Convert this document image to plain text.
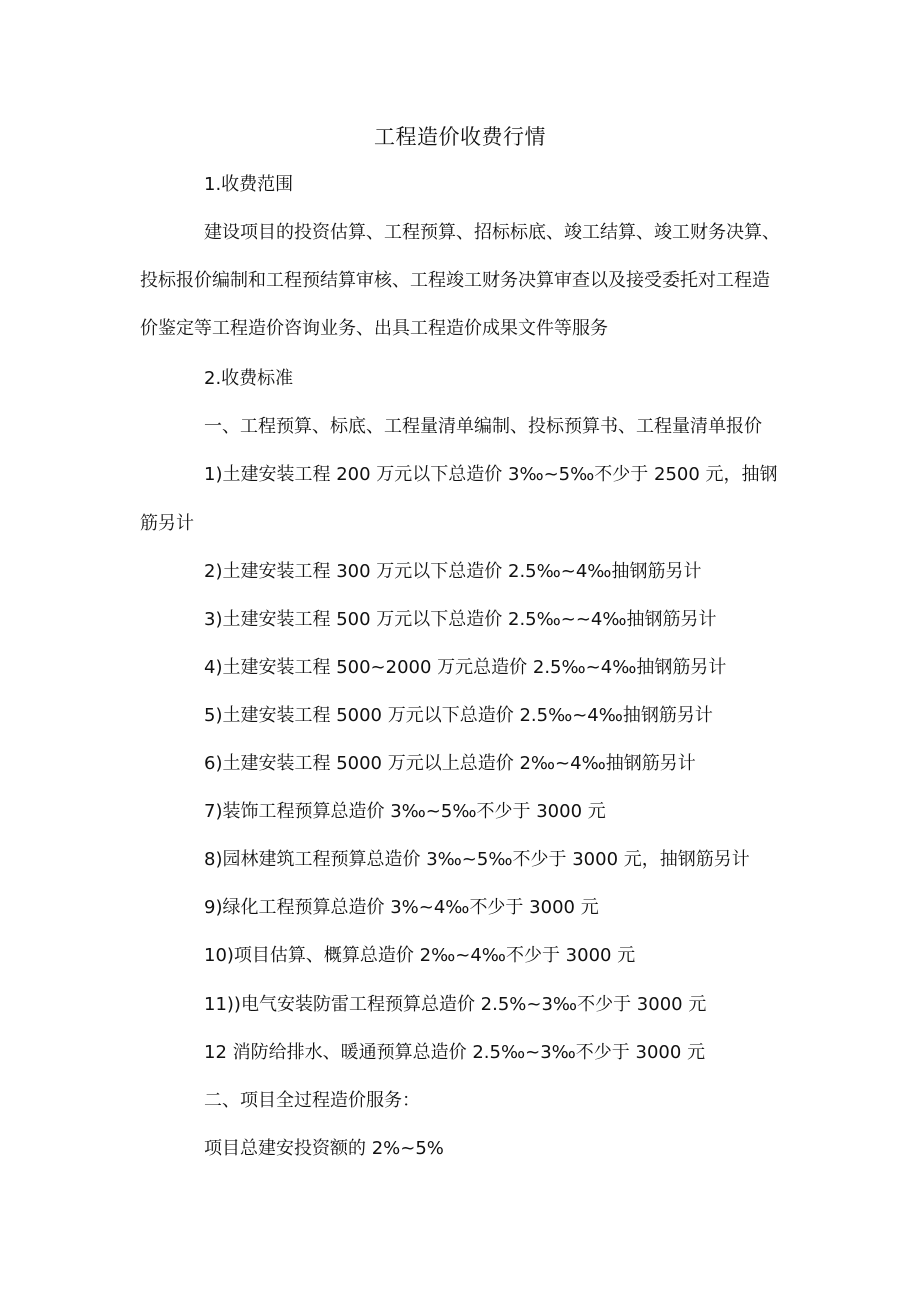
工程造价收费行情
1.收费范围
建设项目的投资估算、工程预算、招标标底、竣工结算、竣工财务决算、
投标报价编制和工程预结算审核、工程竣工财务决算审查以及接受委托对工程造
价鉴定等工程造价咨询业务、出具工程造价成果文件等服务
2.收费标准
一、工程预算、标底、工程量清单编制、投标预算书、工程量清单报价
1)土建安装工程 200 万元以下总造价 3‰~5‰不少于 2500 元，抽钢
筋另计
2)土建安装工程 300 万元以下总造价 2.5‰~4‰抽钢筋另计
3)土建安装工程 500 万元以下总造价 2.5‰~~4‰抽钢筋另计
4)土建安装工程 500~2000 万元总造价 2.5‰~4‰抽钢筋另计
5)土建安装工程 5000 万元以下总造价 2.5‰~4‰抽钢筋另计
6)土建安装工程 5000 万元以上总造价 2‰~4‰抽钢筋另计
7)装饰工程预算总造价 3‰~5‰不少于 3000 元
8)园林建筑工程预算总造价 3‰~5‰不少于 3000 元，抽钢筋另计
9)绿化工程预算总造价 3%~4‰不少于 3000 元
10)项目估算、概算总造价 2‰~4‰不少于 3000 元
11))电气安装防雷工程预算总造价 2.5%~3‰不少于 3000 元
12 消防给排水、暖通预算总造价 2.5‰~3‰不少于 3000 元
二、项目全过程造价服务：
项目总建安投资额的 2%~5%
